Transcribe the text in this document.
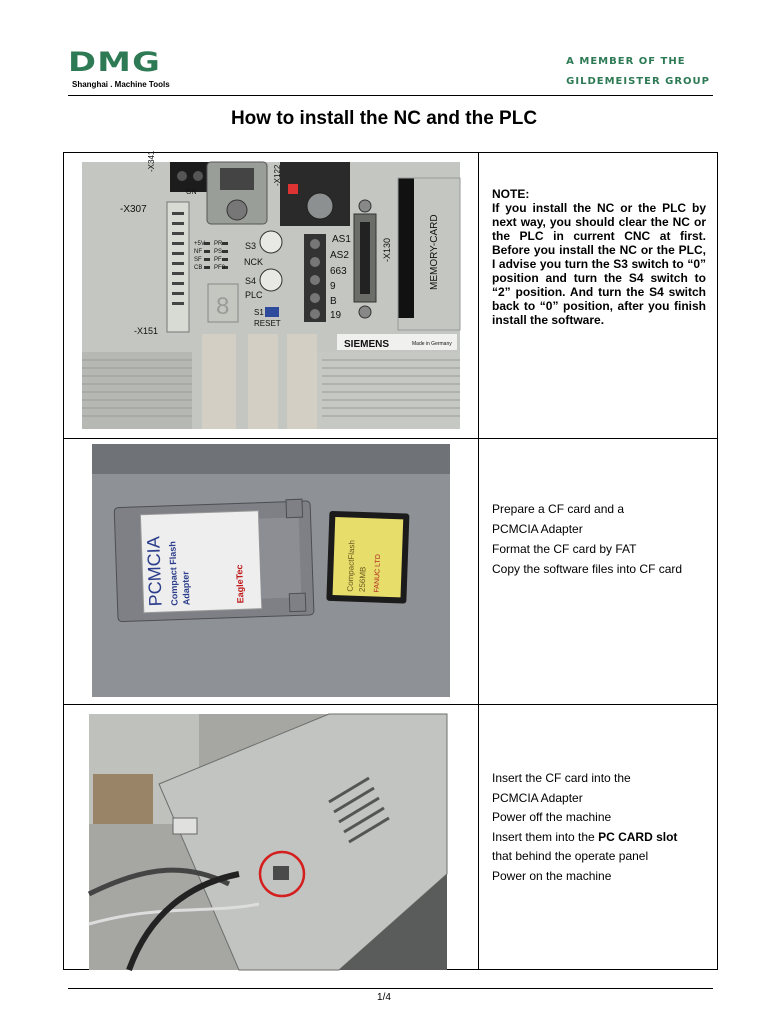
DMG
Shanghai . Machine Tools
A MEMBER OF THE
GILDEMEISTER GROUP
How to install the NC and the PLC
-X341
GN
-X307
-X122
-X130	MEMORY-CARD
-X151
+5V
NF
SF
CB
PR
PS
PF
PF0
8
S3
NCK
S4
PLC
S1
RESET
AS1
AS2
663
9
B
19
SIEMENS	Made in Germany
NOTE:
If you install the NC or the PLC by next way, you should clear the NC or the PLC in current CNC at first. Before you install the NC or the PLC, I advise you turn the S3 switch to “0” position and turn the S4 switch to “2” position. And turn the S4 switch back to “0” position, after you finish install the software.
PCMCIA Compact Flash Adapter	EagleTec	CompactFlash 256MB FANUC LTD
Prepare a CF card and a
PCMCIA Adapter
Format the CF card by FAT
Copy the software files into CF card
Insert the CF card into the
PCMCIA Adapter
Power off the machine
Insert them into the PC CARD slot
that behind the operate panel
Power on the machine
1/4
